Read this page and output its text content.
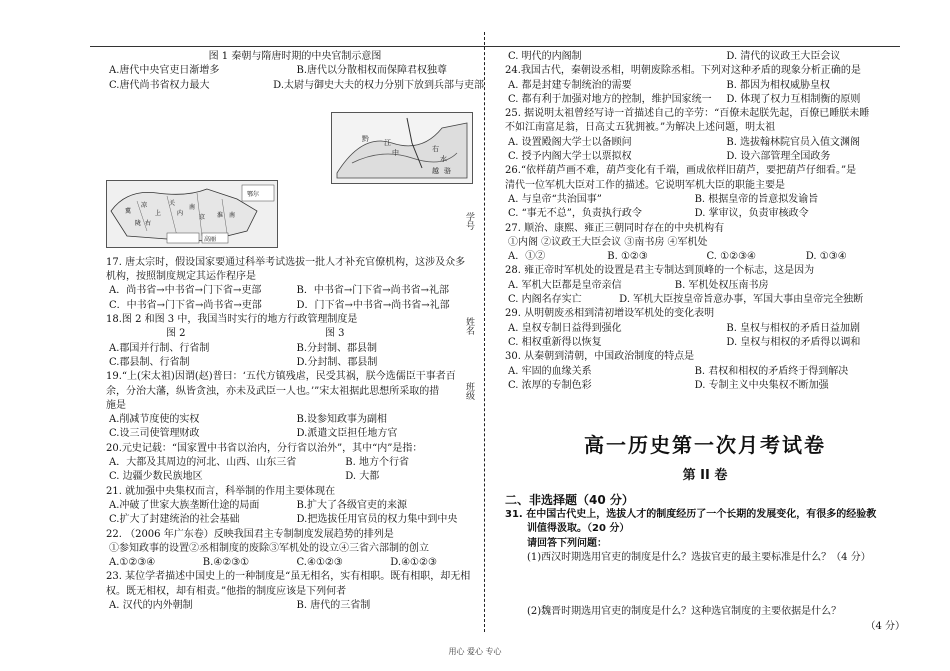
学号
姓名
班级
黔 江
中	右
水
越 骆
冀
凉
上
关
内
南
京
陇 右
淮 南
高丽
鄂尔
图 1 秦朝与隋唐时期的中央官制示意图
A.唐代中央官吏日渐增多	B.唐代以分散相权而保障君权独尊
C.唐代尚书省权力最大	D.太尉与御史大夫的权力分别下放到兵部与吏部
17. 唐太宗时，假设国家要通过科举考试选拔一批人才补充官僚机构，这涉及众多
机构，按照制度规定其运作程序是
A．尚书省→中书省→门下省→吏部	B．中书省→门下省→尚书省→礼部
C．中书省→门下省→尚书省→吏部	D．门下省→中书省→尚书省→礼部
18.图 2 和图 3 中，我国当时实行的地方行政管理制度是
图 2	图 3
A.郡国并行制、行省制	B.分封制、郡县制
C.郡县制、行省制	D.分封制、郡县制
19.“上(宋太祖)因谓(赵)普曰：‘五代方镇残虐，民受其祸，朕今选儒臣干事者百
余，分治大藩，纵皆贪浊，亦未及武臣一人也。’”宋太祖据此思想所采取的措
施是
A.削减节度使的实权	B.设参知政事为副相
C.设三司使管理财政	D.派遣文臣担任地方官
20.元史记载：“国家置中书省以治内，分行省以治外”，其中“内”是指：
A．大都及其周边的河北、山西、山东三省	B. 地方个行省
C. 边疆少数民族地区	D. 大都
21. 就加强中央集权而言，科举制的作用主要体现在
A.冲破了世家大族垄断仕途的局面	B.扩大了各级官吏的来源
C.扩大了封建统治的社会基础	D.把选拔任用官员的权力集中到中央
22. （2006 年广东卷）反映我国君主专制制度发展趋势的排列是
①参知政事的设置②丞相制度的废除③军机处的设立④三省六部制的创立
A.①②③④	B.④②③①	C.④①②③	D.④①②③
23. 某位学者描述中国史上的一种制度是“虽无相名，实有相职。既有相职，却无相
权。既无相权，却有相责。”他指的制度应该是下列何者
A. 汉代的内外朝制	B. 唐代的三省制
C. 明代的内阁制	D. 清代的议政王大臣会议
24.我国古代，秦朝设丞相，明朝废除丞相。下列对这种矛盾的现象分析正确的是
A. 都是封建专制统治的需要	B. 都因为相权威胁皇权
C. 都有利于加强对地方的控制，维护国家统一	D. 体现了权力互相制衡的原则
25. 据说明太祖曾经写诗一首描述自己的辛劳：“百僚未起朕先起，百僚已睡朕未睡
不如江南富足翁，日高丈五犹拥被。”为解决上述问题，明太祖
A. 设置殿阁大学士以备顾问	B. 选拔翰林院官员入值文渊阁
C. 授予内阁大学士以票拟权	D. 设六部管理全国政务
26.“依样葫芦画不难，葫芦变化有千端，画成依样旧葫芦，要把葫芦仔细看。”是
清代一位军机大臣对工作的描述。它说明军机大臣的职能主要是
A. 与皇帝“共治国事”	B. 根据皇帝的旨意拟发谕旨
C. “事无不总”，负责执行政令	D. 掌审议，负责审核政令
27. 顺治、康熙、雍正三朝同时存在的中央机构有
①内阁 ②议政王大臣会议 ③南书房 ④军机处
A．①②	B. ①②③	C. ①②③④	D. ①③④
28. 雍正帝时军机处的设置是君主专制达到顶峰的一个标志，这是因为
A. 军机大臣都是皇帝亲信	B. 军机处权压南书房
C. 内阁名存实亡	D. 军机大臣按皇帝旨意办事，军国大事由皇帝完全独断
29. 从明朝废丞相到清初增设军机处的变化表明
A. 皇权专制日益得到强化	B. 皇权与相权的矛盾日益加剧
C. 相权重新得以恢复	D. 皇权与相权的矛盾得以调和
30. 从秦朝到清朝，中国政治制度的特点是
A. 牢固的血缘关系	B. 君权和相权的矛盾终于得到解决
C. 浓厚的专制色彩	D. 专制主义中央集权不断加强
高一历史第一次月考试卷
第 II 卷
二、非选择题（40 分）
31. 在中国古代史上，选拔人才的制度经历了一个长期的发展变化，有很多的经验教
训值得汲取。（20 分）
请回答下列问题：
(1)西汉时期选用官吏的制度是什么？选拔官吏的最主要标准是什么？（4 分）
(2)魏晋时期选用官吏的制度是什么？这种选官制度的主要依据是什么？
（4 分）
用心 爱心 专心
